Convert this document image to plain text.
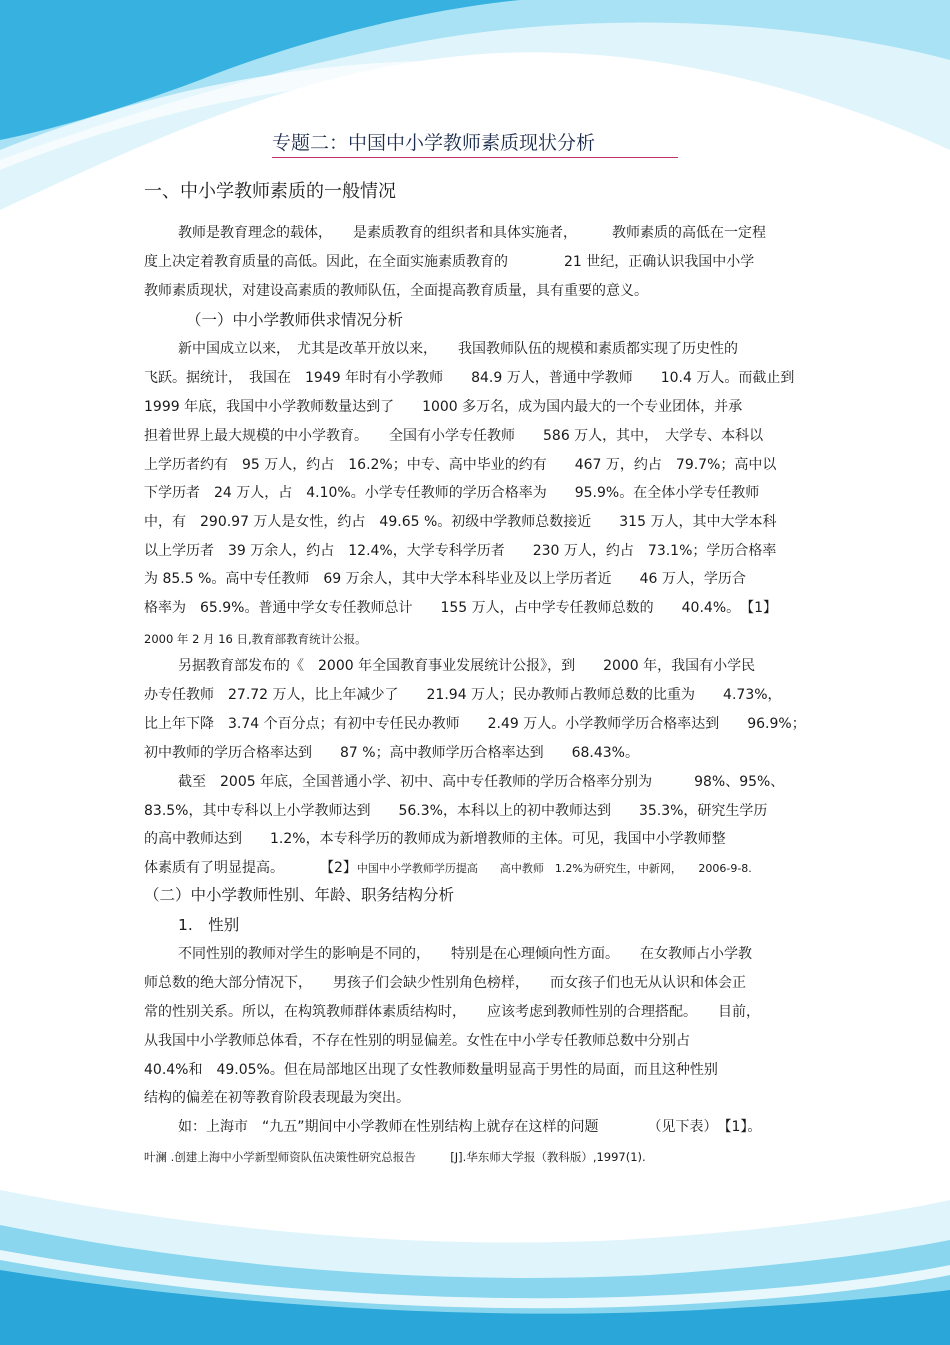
专题二：中国中小学教师素质现状分析
一、中小学教师素质的一般情况
教师是教育理念的载体，　　是素质教育的组织者和具体实施者，　　　教师素质的高低在一定程
度上决定着教育质量的高低。因此，在全面实施素质教育的　　　　21 世纪，正确认识我国中小学
教师素质现状，对建设高素质的教师队伍，全面提高教育质量，具有重要的意义。
（一）中小学教师供求情况分析
新中国成立以来，　尤其是改革开放以来，　　我国教师队伍的规模和素质都实现了历史性的
飞跃。据统计，　我国在　1949 年时有小学教师　　84.9 万人，普通中学教师　　10.4 万人。而截止到
1999 年底，我国中小学教师数量达到了　　1000 多万名，成为国内最大的一个专业团体，并承
担着世界上最大规模的中小学教育。　　全国有小学专任教师　　586 万人，其中，　大学专、本科以
上学历者约有　95 万人，约占　16.2%；中专、高中毕业的约有　　467 万，约占　79.7%；高中以
下学历者　24 万人，占　4.10%。小学专任教师的学历合格率为　　95.9%。在全体小学专任教师
中，有　290.97 万人是女性，约占　49.65 %。初级中学教师总数接近　　315 万人，其中大学本科
以上学历者　39 万余人，约占　12.4%，大学专科学历者　　230 万人，约占　73.1%；学历合格率
为 85.5 %。高中专任教师　69 万余人，其中大学本科毕业及以上学历者近　　46 万人，学历合
格率为　65.9%。普通中学女专任教师总计　　155 万人，占中学专任教师总数的　　40.4%。　【1】
2000 年 2 月 16 日,教育部教育统计公报。
另据教育部发布的《　2000 年全国教育事业发展统计公报》，到　　2000 年，我国有小学民
办专任教师　27.72 万人，比上年减少了　　21.94 万人；民办教师占教师总数的比重为　　4.73%，
比上年下降　3.74 个百分点；有初中专任民办教师　　2.49 万人。小学教师学历合格率达到　　96.9%；
初中教师的学历合格率达到　　87 %；高中教师学历合格率达到　　68.43%。
截至　2005 年底，全国普通小学、初中、高中专任教师的学历合格率分别为　　　98%、95%、
83.5%，其中专科以上小学教师达到　　56.3%，本科以上的初中教师达到　　35.3%，研究生学历
的高中教师达到　　1.2%，本专科学历的教师成为新增教师的主体。可见，我国中小学教师整
体素质有了明显提高。	【2】中国中小学教师学历提高　　高中教师　1.2%为研究生，中新网，　　2006-9-8.
（二）中小学教师性别、年龄、职务结构分析
1.　性别
不同性别的教师对学生的影响是不同的，　　特别是在心理倾向性方面。　　在女教师占小学教
师总数的绝大部分情况下，　　男孩子们会缺少性别角色榜样，　　而女孩子们也无从认识和体会正
常的性别关系。所以，在构筑教师群体素质结构时，　　应该考虑到教师性别的合理搭配。　　目前，
从我国中小学教师总体看，不存在性别的明显偏差。女性在中小学专任教师总数中分别占
40.4%和　49.05%。但在局部地区出现了女性教师数量明显高于男性的局面，而且这种性别
结构的偏差在初等教育阶段表现最为突出。
如：上海市　“九五”期间中小学教师在性别结构上就存在这样的问题　　　　（见下表）　【1】。
叶澜 .创建上海中小学新型师资队伍决策性研究总报告　　　[J].华东师大学报（教科版）,1997(1).
